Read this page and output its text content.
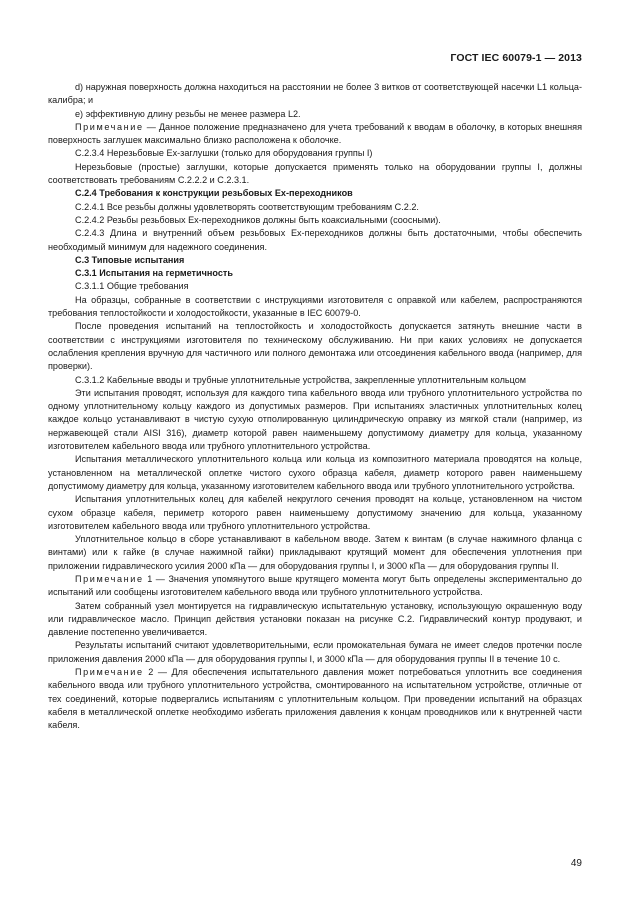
ГОСТ IEC 60079-1 — 2013

d) наружная поверхность должна находиться на расстоянии не более 3 витков от соответствующей насечки L1 кольца-калибра; и

е) эффективную длину резьбы не менее размера L2.

Примечание — Данное положение предназначено для учета требований к вводам в оболочку, в которых внешняя поверхность заглушек максимально близко расположена к оболочке.

C.2.3.4 Нерезьбовые Ex-заглушки (только для оборудования группы I)

Нерезьбовые (простые) заглушки, которые допускается применять только на оборудовании группы I, должны соответствовать требованиям C.2.2.2 и C.2.3.1.

С.2.4 Требования к конструкции резьбовых Ex-переходников

С.2.4.1 Все резьбы должны удовлетворять соответствующим требованиям С.2.2.

С.2.4.2 Резьбы резьбовых Ex-переходников должны быть коаксиальными (соосными).

С.2.4.3 Длина и внутренний объем резьбовых Ex-переходников должны быть достаточными, чтобы обеспечить необходимый минимум для надежного соединения.

С.3 Типовые испытания

С.3.1 Испытания на герметичность

С.3.1.1 Общие требования

На образцы, собранные в соответствии с инструкциями изготовителя с оправкой или кабелем, распространяются требования теплостойкости и холодостойкости, указанные в IEC 60079-0.

После проведения испытаний на теплостойкость и холодостойкость допускается затянуть внешние части в соответствии с инструкциями изготовителя по техническому обслуживанию. Ни при каких условиях не допускается ослабления крепления вручную для частичного или полного демонтажа или отсоединения кабельного ввода (например, для проверки).

С.3.1.2 Кабельные вводы и трубные уплотнительные устройства, закрепленные уплотнительным кольцом

Эти испытания проводят, используя для каждого типа кабельного ввода или трубного уплотнительного устройства по одному уплотнительному кольцу каждого из допустимых размеров. При испытаниях эластичных уплотнительных колец каждое кольцо устанавливают в чистую сухую отполированную цилиндрическую оправку из мягкой стали (например, из нержавеющей стали AISI 316), диаметр которой равен наименьшему допустимому диаметру для кольца, указанному изготовителем кабельного ввода или трубного уплотнительного устройства.

Испытания металлического уплотнительного кольца или кольца из композитного материала проводятся на кольце, установленном на металлической оплетке чистого сухого образца кабеля, диаметр которого равен наименьшему допустимому диаметру для кольца, указанному изготовителем кабельного ввода или трубного уплотнительного устройства.

Испытания уплотнительных колец для кабелей некруглого сечения проводят на кольце, установленном на чистом сухом образце кабеля, периметр которого равен наименьшему допустимому значению для кольца, указанному изготовителем кабельного ввода или трубного уплотнительного устройства.

Уплотнительное кольцо в сборе устанавливают в кабельном вводе. Затем к винтам (в случае нажимного фланца с винтами) или к гайке (в случае нажимной гайки) прикладывают крутящий момент для обеспечения уплотнения при приложении гидравлического усилия 2000 кПа — для оборудования группы I, и 3000 кПа — для оборудования группы II.

Примечание 1 — Значения упомянутого выше крутящего момента могут быть определены экспериментально до испытаний или сообщены изготовителем кабельного ввода или трубного уплотнительного устройства.

Затем собранный узел монтируется на гидравлическую испытательную установку, использующую окрашенную воду или гидравлическое масло. Принцип действия установки показан на рисунке С.2. Гидравлический контур продувают, и давление постепенно увеличивается.

Результаты испытаний считают удовлетворительными, если промокательная бумага не имеет следов протечки после приложения давления 2000 кПа — для оборудования группы I, и 3000 кПа — для оборудования группы II в течение 10 с.

Примечание 2 — Для обеспечения испытательного давления может потребоваться уплотнить все соединения кабельного ввода или трубного уплотнительного устройства, смонтированного на испытательном устройстве, отличные от тех соединений, которые подвергались испытаниям с уплотнительным кольцом. При проведении испытаний на образцах кабеля в металлической оплетке необходимо избегать приложения давления к концам проводников или к внутренней части кабеля.

49
